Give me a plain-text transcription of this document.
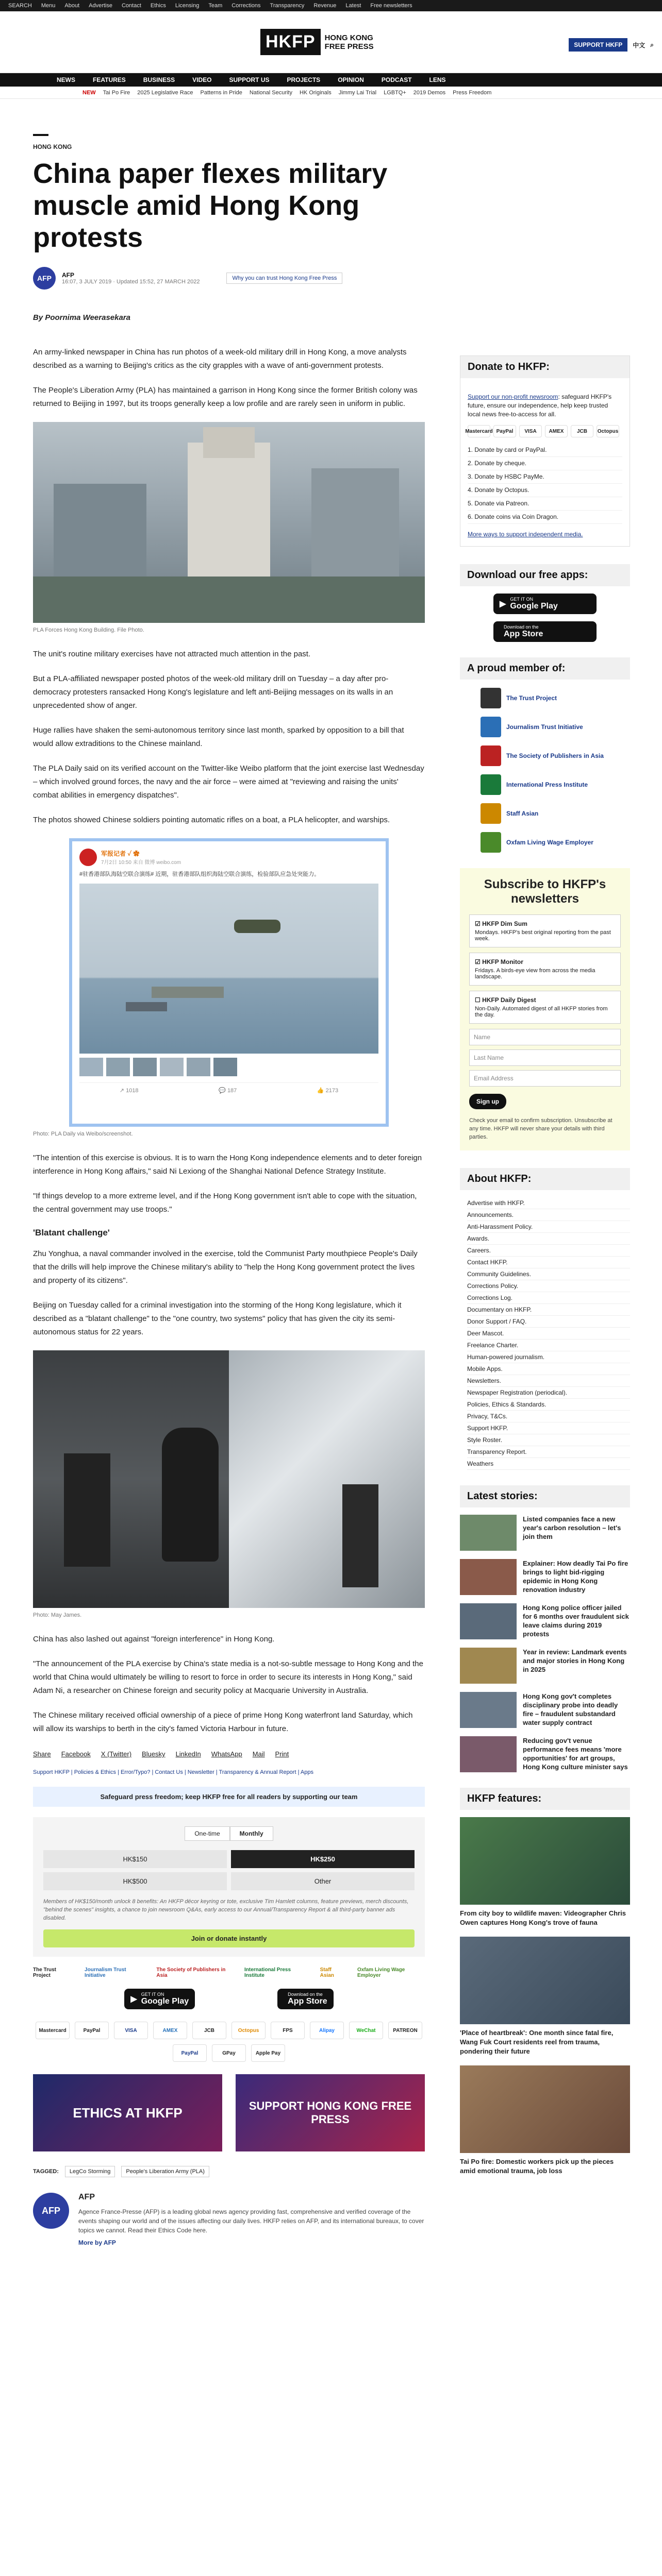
SEARCH Menu About Advertise Contact Ethics Licensing Team Corrections Transparency Revenue Latest Free newsletters
HKFP	HONG KONG
FREE PRESS	SUPPORT HKFP	中文 ⌕
NEWS	FEATURES	BUSINESS	VIDEO	SUPPORT US	PROJECTS	OPINION	PODCAST	LENS
NEW Tai Po Fire 2025 Legislative Race Patterns in Pride National Security HK Originals Jimmy Lai Trial LGBTQ+ 2019 Demos Press Freedom
HONG KONG
China paper flexes military muscle amid Hong Kong protests
AFP	AFP
16:07, 3 JULY 2019 · Updated 15:52, 27 MARCH 2022
Why you can trust Hong Kong Free Press
By Poornima Weerasekara

An army-linked newspaper in China has run photos of a week-old military drill in Hong Kong, a move analysts described as a warning to Beijing's critics as the city grapples with a wave of anti-government protests.

The People's Liberation Army (PLA) has maintained a garrison in Hong Kong since the former British colony was returned to Beijing in 1997, but its troops generally keep a low profile and are rarely seen in uniform in public.

PLA Forces Hong Kong Building. File Photo.

The unit's routine military exercises have not attracted much attention in the past.

But a PLA-affiliated newspaper posted photos of the week-old military drill on Tuesday – a day after pro-democracy protesters ransacked Hong Kong's legislature and left anti-Beijing messages on its walls in an unprecedented show of anger.

Huge rallies have shaken the semi-autonomous territory since last month, sparked by opposition to a bill that would allow extraditions to the Chinese mainland.

The PLA Daily said on its verified account on the Twitter-like Weibo platform that the joint exercise last Wednesday – which involved ground forces, the navy and the air force – were aimed at "reviewing and raising the units' combat abilities in emergency dispatches".

The photos showed Chinese soldiers pointing automatic rifles on a boat, a PLA helicopter, and warships.

军报记者 ✓ ✿
7月2日 10:50 来自 微博 weibo.com
#驻香港部队海陆空联合演练# 近期，驻香港部队组织海陆空联合演练，检验部队应急处突能力。
↗ 1018	💬 187	👍 2173
Photo: PLA Daily via Weibo/screenshot.

"The intention of this exercise is obvious. It is to warn the Hong Kong independence elements and to deter foreign interference in Hong Kong affairs," said Ni Lexiong of the Shanghai National Defence Strategy Institute.

"If things develop to a more extreme level, and if the Hong Kong government isn't able to cope with the situation, the central government may use troops."

'Blatant challenge'

Zhu Yonghua, a naval commander involved in the exercise, told the Communist Party mouthpiece People's Daily that the drills will help improve the Chinese military's ability to "help the Hong Kong government protect the lives and property of its citizens".

Beijing on Tuesday called for a criminal investigation into the storming of the Hong Kong legislature, which it described as a "blatant challenge" to the "one country, two systems" policy that has given the city its semi-autonomous status for 22 years.

Photo: May James.

China has also lashed out against "foreign interference" in Hong Kong.

"The announcement of the PLA exercise by China's state media is a not-so-subtle message to Hong Kong and the world that China would ultimately be willing to resort to force in order to secure its interests in Hong Kong," said Adam Ni, a researcher on Chinese foreign and security policy at Macquarie University in Australia.

The Chinese military received official ownership of a piece of prime Hong Kong waterfront land Saturday, which will allow its warships to berth in the city's famed Victoria Harbour in future.

Share Facebook X (Twitter) Bluesky LinkedIn WhatsApp Mail Print
Support HKFP | Policies & Ethics | Error/Typo? | Contact Us | Newsletter | Transparency & Annual Report | Apps
Safeguard press freedom; keep HKFP free for all readers by supporting our team
One-time	Monthly
HK$150	HK$250
HK$500	Other
Members of HK$150/month unlock 8 benefits: An HKFP décor keyring or tote, exclusive Tim Hamlett columns, feature previews, merch discounts, "behind the scenes" insights, a chance to join newsroom Q&As, early access to our Annual/Transparency Report & all third-party banner ads disabled.
Join or donate instantly
The Trust Project
Journalism Trust Initiative
The Society of Publishers in Asia
International Press Institute
Staff Asian
Oxfam Living Wage Employer
▶
GET IT ON
Google Play
Download on the
App Store
Mastercard	PayPal	VISA	AMEX	JCB	Octopus	FPS	Alipay	WeChat	PATREON
PayPal	GPay	Apple Pay
ETHICS AT HKFP	SUPPORT HONG KONG FREE PRESS
TAGGED:	LegCo Storming	People's Liberation Army (PLA)
AFP
AFP
Agence France-Presse (AFP) is a leading global news agency providing fast, comprehensive and verified coverage of the events shaping our world and of the issues affecting our daily lives. HKFP relies on AFP, and its international bureaux, to cover topics we cannot. Read their Ethics Code here.
More by AFP
Donate to HKFP:
Support our non-profit newsroom: safeguard HKFP's future, ensure our independence, help keep trusted local news free-to-access for all.
Mastercard PayPal	VISA	AMEX	JCB	Octopus
1. Donate by card or PayPal.
2. Donate by cheque.
3. Donate by HSBC PayMe.
4. Donate by Octopus.
5. Donate via Patreon.
6. Donate coins via Coin Dragon.
More ways to support independent media.
Download our free apps:
▶
GET IT ON
Google Play
Download on the
App Store
A proud member of:
The Trust Project
Journalism Trust Initiative
The Society of Publishers in Asia
International Press Institute
Staff Asian
Oxfam Living Wage Employer
Subscribe to HKFP's newsletters
☑ HKFP Dim Sum
Mondays. HKFP's best original reporting from the past week.
☑ HKFP Monitor
Fridays. A birds-eye view from across the media landscape.
☐ HKFP Daily Digest
Non-Daily. Automated digest of all HKFP stories from the day.
Name
Last Name
Email Address
Sign up
Check your email to confirm subscription. Unsubscribe at any time. HKFP will never share your details with third parties.
About HKFP:
Advertise with HKFP.
Announcements.
Anti-Harassment Policy.
Awards.
Careers.
Contact HKFP.
Community Guidelines.
Corrections Policy.
Corrections Log.
Documentary on HKFP.
Donor Support / FAQ.
Deer Mascot.
Freelance Charter.
Human-powered journalism.
Mobile Apps.
Newsletters.
Newspaper Registration (periodical).
Policies, Ethics & Standards.
Privacy, T&Cs.
Support HKFP.
Style Roster.
Transparency Report.
Weathers
Latest stories:
Listed companies face a new year's carbon resolution – let's join them
Explainer: How deadly Tai Po fire brings to light bid-rigging epidemic in Hong Kong renovation industry
Hong Kong police officer jailed for 6 months over fraudulent sick leave claims during 2019 protests
Year in review: Landmark events and major stories in Hong Kong in 2025
Hong Kong gov't completes disciplinary probe into deadly fire – fraudulent substandard water supply contract
Reducing gov't venue performance fees means 'more opportunities' for art groups, Hong Kong culture minister says
HKFP features:
From city boy to wildlife maven: Videographer Chris Owen captures Hong Kong's trove of fauna
'Place of heartbreak': One month since fatal fire, Wang Fuk Court residents reel from trauma, pondering their future
Tai Po fire: Domestic workers pick up the pieces amid emotional trauma, job loss
